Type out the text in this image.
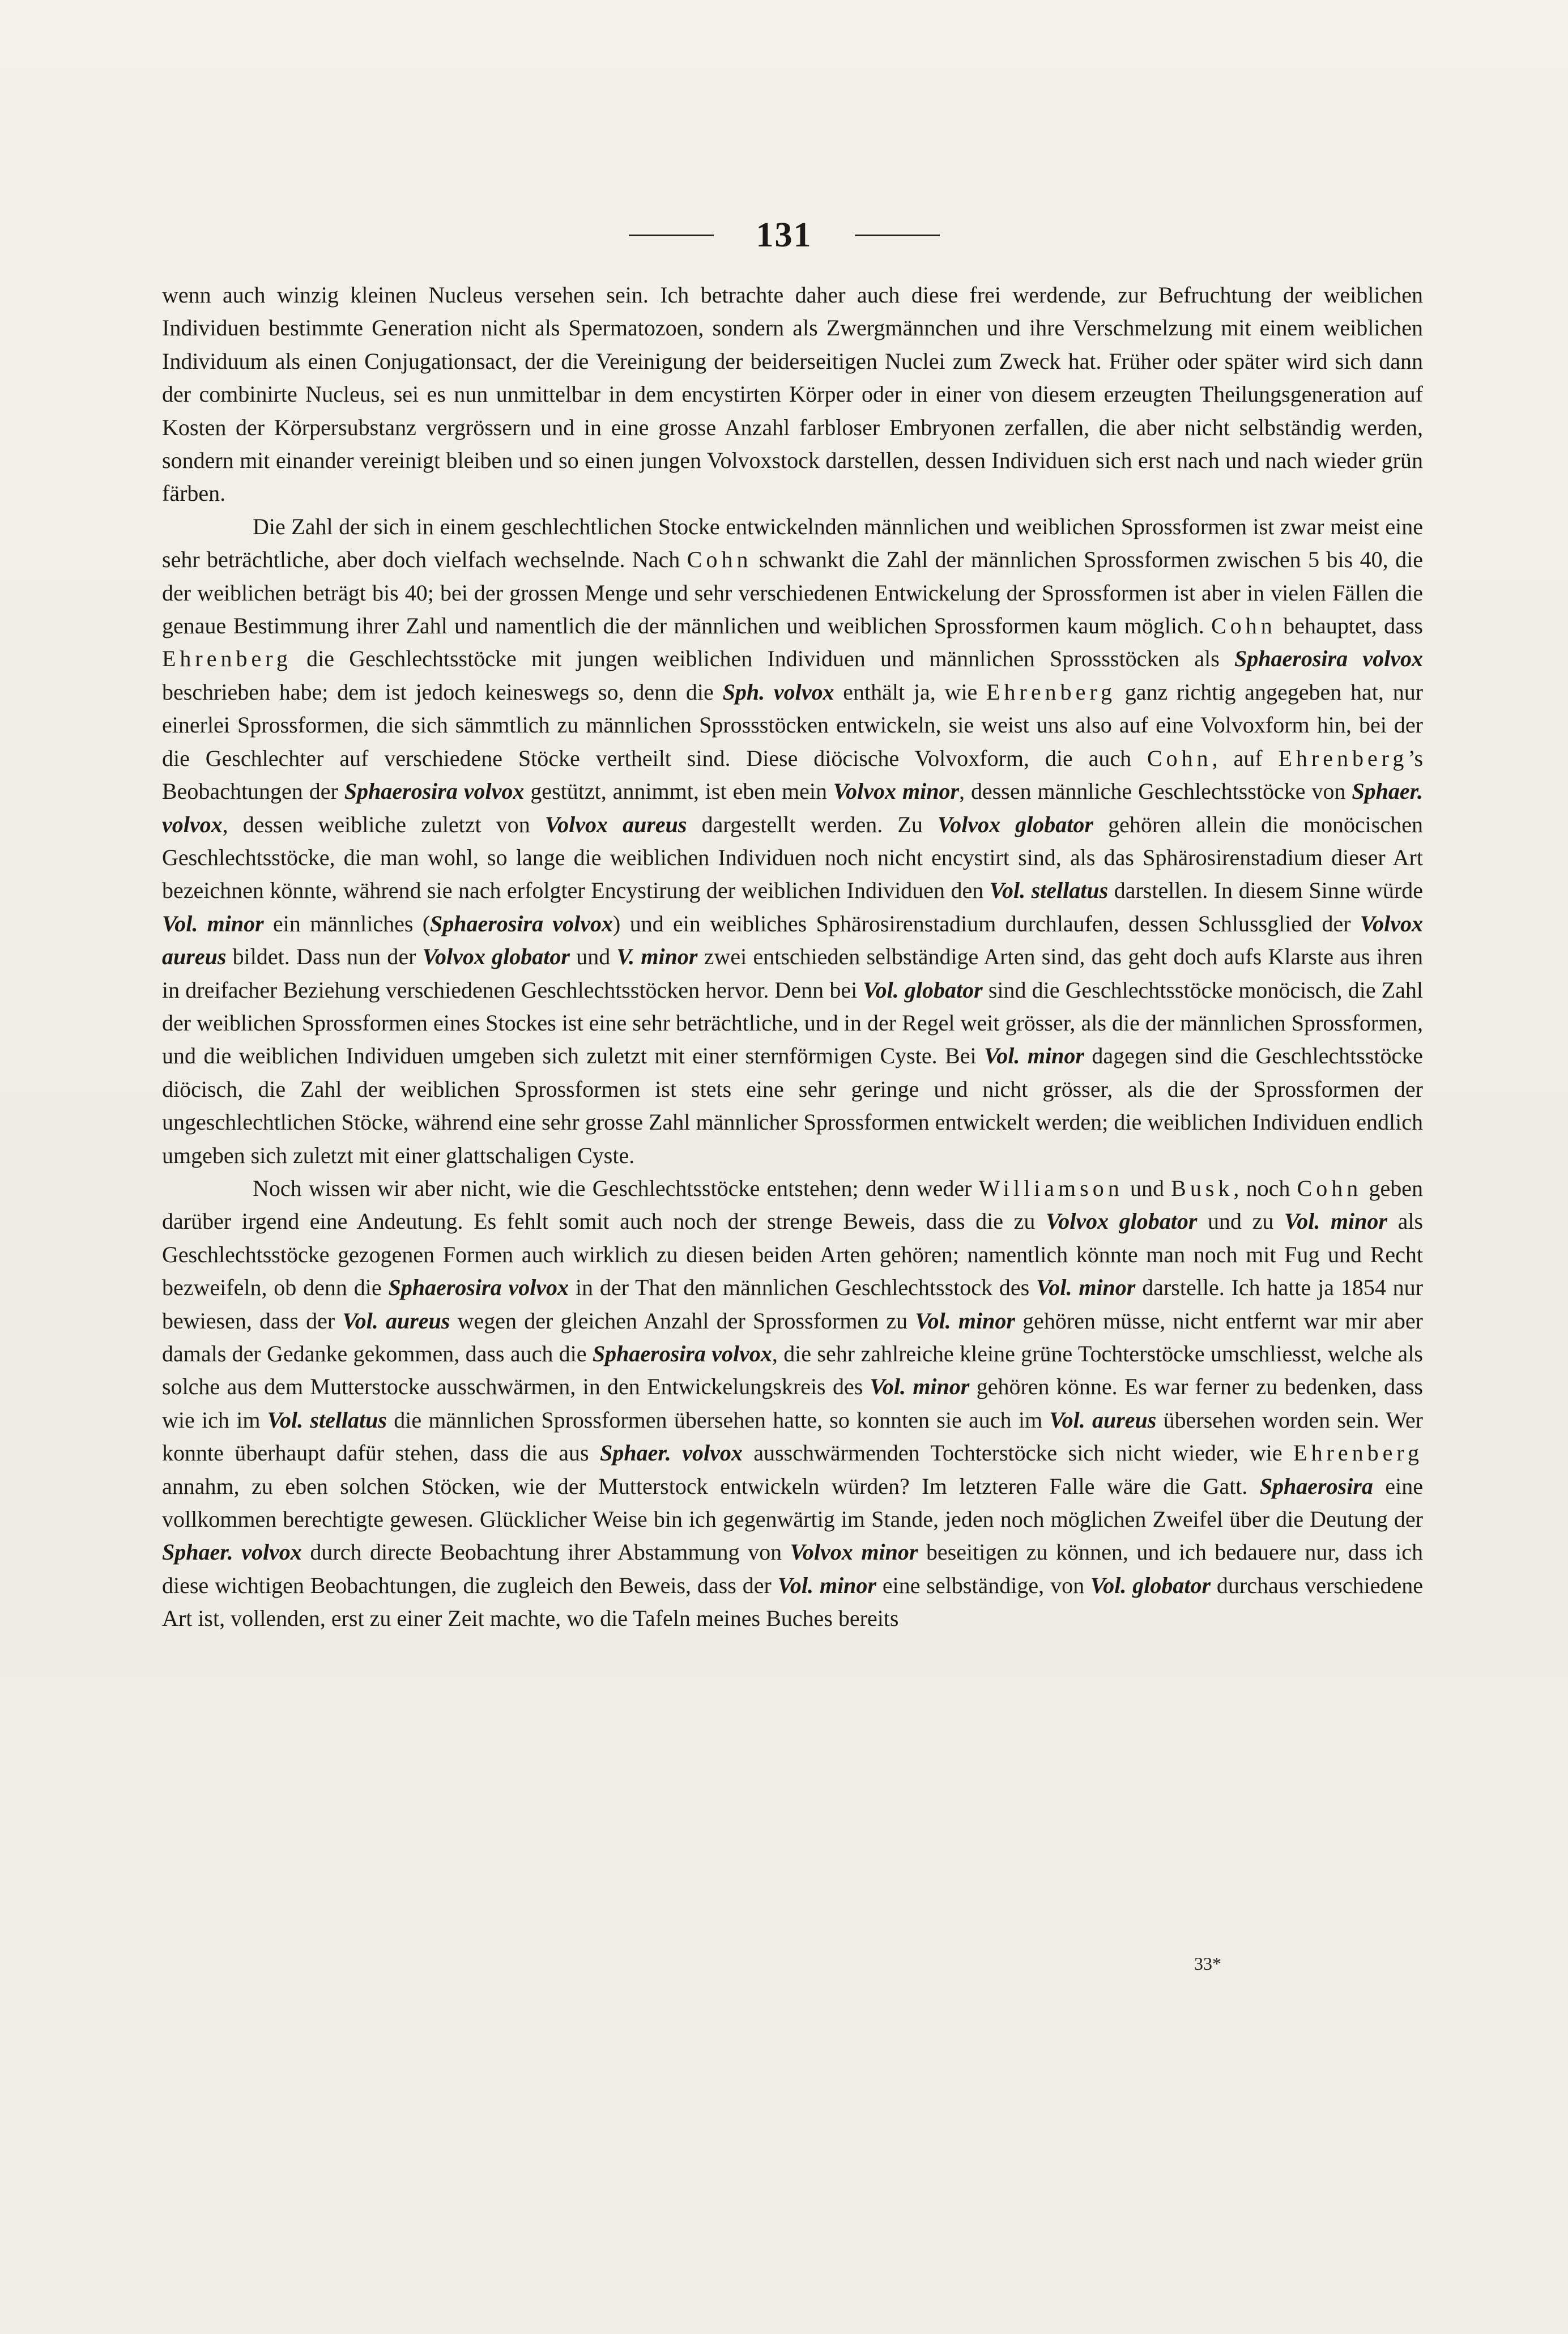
131

wenn auch winzig kleinen Nucleus versehen sein. Ich betrachte daher auch diese frei werdende, zur Befruchtung der weiblichen Individuen bestimmte Generation nicht als Spermatozoen, sondern als Zwergmännchen und ihre Verschmelzung mit einem weiblichen Individuum als einen Conjugationsact, der die Vereinigung der beiderseitigen Nuclei zum Zweck hat. Früher oder später wird sich dann der combinirte Nucleus, sei es nun unmittelbar in dem encystirten Körper oder in einer von diesem erzeugten Theilungsgeneration auf Kosten der Körpersubstanz vergrössern und in eine grosse Anzahl farbloser Embryonen zerfallen, die aber nicht selbständig werden, sondern mit einander vereinigt bleiben und so einen jungen Volvoxstock darstellen, dessen Individuen sich erst nach und nach wieder grün färben.

Die Zahl der sich in einem geschlechtlichen Stocke entwickelnden männlichen und weiblichen Sprossformen ist zwar meist eine sehr beträchtliche, aber doch vielfach wechselnde. Nach Cohn schwankt die Zahl der männlichen Sprossformen zwischen 5 bis 40, die der weiblichen beträgt bis 40; bei der grossen Menge und sehr verschiedenen Entwickelung der Sprossformen ist aber in vielen Fällen die genaue Bestimmung ihrer Zahl und namentlich die der männlichen und weiblichen Sprossformen kaum möglich. Cohn behauptet, dass Ehrenberg die Geschlechtsstöcke mit jungen weiblichen Individuen und männlichen Sprossstöcken als Sphaerosira volvox beschrieben habe; dem ist jedoch keineswegs so, denn die Sph. volvox enthält ja, wie Ehrenberg ganz richtig angegeben hat, nur einerlei Sprossformen, die sich sämmtlich zu männlichen Sprossstöcken entwickeln, sie weist uns also auf eine Volvoxform hin, bei der die Geschlechter auf verschiedene Stöcke vertheilt sind. Diese diöcische Volvoxform, die auch Cohn, auf Ehrenberg’s Beobachtungen der Sphaerosira volvox gestützt, annimmt, ist eben mein Volvox minor, dessen männliche Geschlechtsstöcke von Sphaer. volvox, dessen weibliche zuletzt von Volvox aureus dargestellt werden. Zu Volvox globator gehören allein die monöcischen Geschlechtsstöcke, die man wohl, so lange die weiblichen Individuen noch nicht encystirt sind, als das Sphärosirenstadium dieser Art bezeichnen könnte, während sie nach erfolgter Encystirung der weiblichen Individuen den Vol. stellatus darstellen. In diesem Sinne würde Vol. minor ein männliches (Sphaerosira volvox) und ein weibliches Sphärosirenstadium durchlaufen, dessen Schlussglied der Volvox aureus bildet. Dass nun der Volvox globator und V. minor zwei entschieden selbständige Arten sind, das geht doch aufs Klarste aus ihren in dreifacher Beziehung verschiedenen Geschlechtsstöcken hervor. Denn bei Vol. globator sind die Geschlechtsstöcke monöcisch, die Zahl der weiblichen Sprossformen eines Stockes ist eine sehr beträchtliche, und in der Regel weit grösser, als die der männlichen Sprossformen, und die weiblichen Individuen umgeben sich zuletzt mit einer sternförmigen Cyste. Bei Vol. minor dagegen sind die Geschlechtsstöcke diöcisch, die Zahl der weiblichen Sprossformen ist stets eine sehr geringe und nicht grösser, als die der Sprossformen der ungeschlechtlichen Stöcke, während eine sehr grosse Zahl männlicher Sprossformen entwickelt werden; die weiblichen Individuen endlich umgeben sich zuletzt mit einer glattschaligen Cyste.

Noch wissen wir aber nicht, wie die Geschlechtsstöcke entstehen; denn weder Williamson und Busk, noch Cohn geben darüber irgend eine Andeutung. Es fehlt somit auch noch der strenge Beweis, dass die zu Volvox globator und zu Vol. minor als Geschlechtsstöcke gezogenen Formen auch wirklich zu diesen beiden Arten gehören; namentlich könnte man noch mit Fug und Recht bezweifeln, ob denn die Sphaerosira volvox in der That den männlichen Geschlechtsstock des Vol. minor darstelle. Ich hatte ja 1854 nur bewiesen, dass der Vol. aureus wegen der gleichen Anzahl der Sprossformen zu Vol. minor gehören müsse, nicht entfernt war mir aber damals der Gedanke gekommen, dass auch die Sphaerosira volvox, die sehr zahlreiche kleine grüne Tochterstöcke umschliesst, welche als solche aus dem Mutterstocke ausschwärmen, in den Entwickelungskreis des Vol. minor gehören könne. Es war ferner zu bedenken, dass wie ich im Vol. stellatus die männlichen Sprossformen übersehen hatte, so konnten sie auch im Vol. aureus übersehen worden sein. Wer konnte überhaupt dafür stehen, dass die aus Sphaer. volvox ausschwärmenden Tochterstöcke sich nicht wieder, wie Ehrenberg annahm, zu eben solchen Stöcken, wie der Mutterstock entwickeln würden? Im letzteren Falle wäre die Gatt. Sphaerosira eine vollkommen berechtigte gewesen. Glücklicher Weise bin ich gegenwärtig im Stande, jeden noch möglichen Zweifel über die Deutung der Sphaer. volvox durch directe Beobachtung ihrer Abstammung von Volvox minor beseitigen zu können, und ich bedauere nur, dass ich diese wichtigen Beobachtungen, die zugleich den Beweis, dass der Vol. minor eine selbständige, von Vol. globator durchaus verschiedene Art ist, vollenden, erst zu einer Zeit machte, wo die Tafeln meines Buches bereits

33*
